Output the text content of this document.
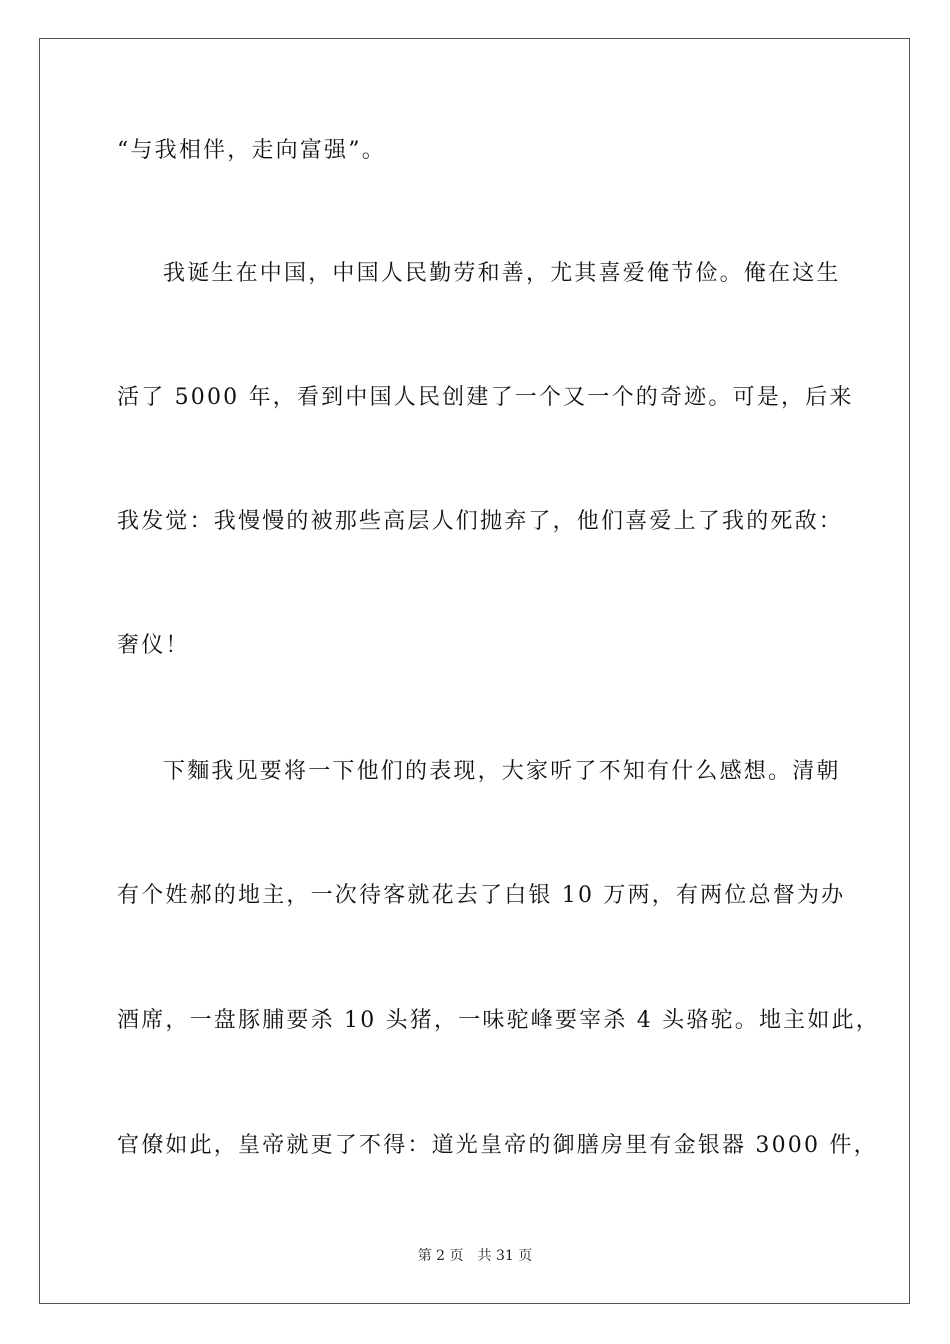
“与我相伴，走向富强”。
我诞生在中国，中国人民勤劳和善，尤其喜爱俺节俭。俺在这生
活了 5000 年，看到中国人民创建了一个又一个的奇迹。可是，后来
我发觉：我慢慢的被那些高层人们抛弃了，他们喜爱上了我的死敌：
奢仪！
下麵我见要将一下他们的表现，大家听了不知有什么感想。清朝
有个姓郝的地主，一次待客就花去了白银 10 万两，有两位总督为办
酒席，一盘豚脯要杀 10 头猪，一味驼峰要宰杀 4 头骆驼。地主如此，
官僚如此，皇帝就更了不得：道光皇帝的御膳房里有金银器 3000 件，
第 2 页 共 31 页
